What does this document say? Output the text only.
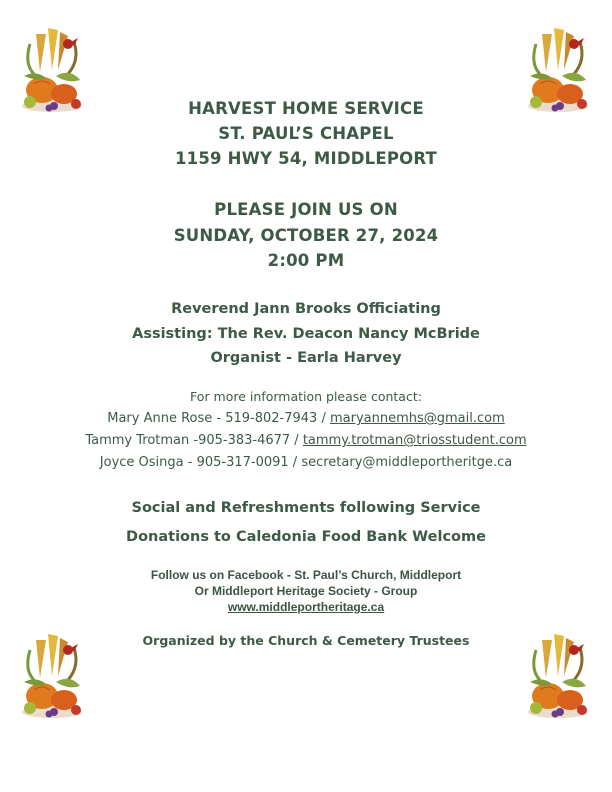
HARVEST HOME SERVICE
ST. PAUL’S CHAPEL
1159 HWY 54, MIDDLEPORT
PLEASE JOIN US ON
SUNDAY, OCTOBER 27, 2024
2:00 PM
Reverend Jann Brooks Officiating
Assisting: The Rev. Deacon Nancy McBride
Organist - Earla Harvey
For more information please contact:
Mary Anne Rose - 519-802-7943 / maryannemhs@gmail.com
Tammy Trotman -905-383-4677 / tammy.trotman@triosstudent.com
Joyce Osinga - 905-317-0091 / secretary@middleportheritge.ca
Social and Refreshments following Service
Donations to Caledonia Food Bank Welcome
Follow us on Facebook - St. Paul’s Church, Middleport
Or Middleport Heritage Society - Group
www.middleportheritage.ca
Organized by the Church & Cemetery Trustees
